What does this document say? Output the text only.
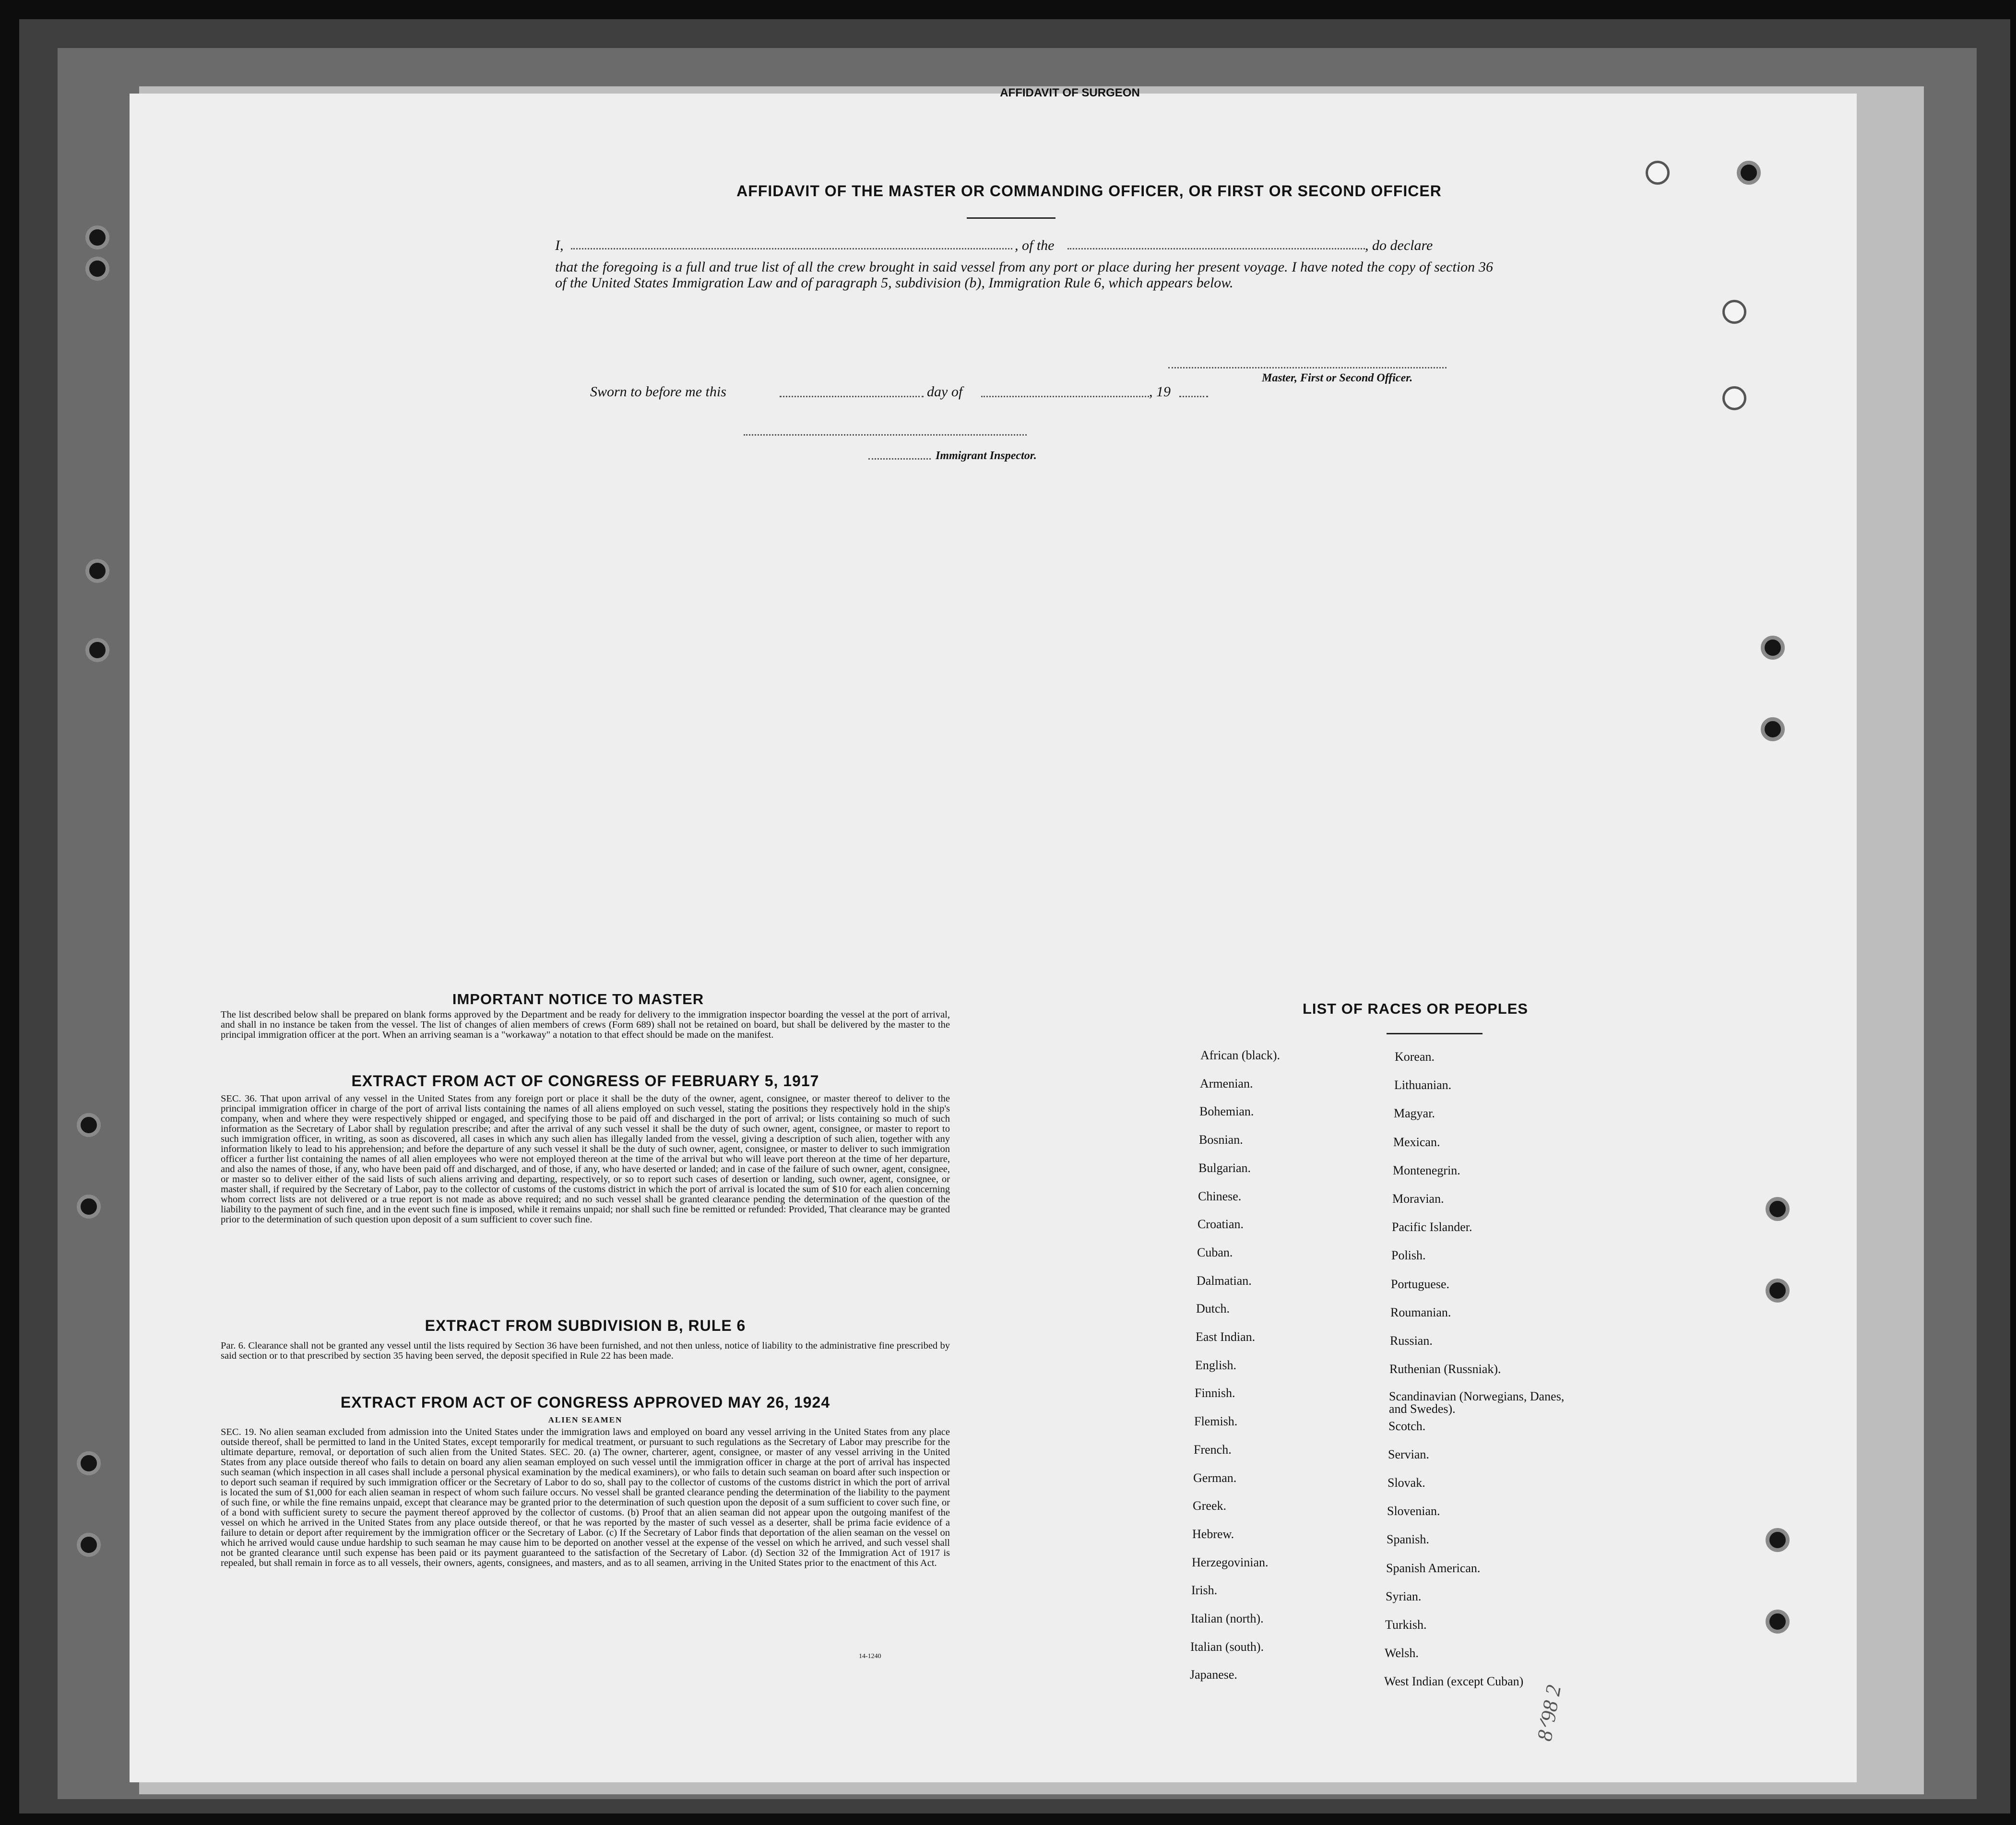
AFFIDAVIT OF SURGEON
AFFIDAVIT OF THE MASTER OR COMMANDING OFFICER, OR FIRST OR SECOND OFFICER
I,	, of the	, do declare
that the foregoing is a full and true list of all the crew brought in said vessel from any port or place during her present voyage. I have noted the copy of section 36 of the United States Immigration Law and of paragraph 5, subdivision (b), Immigration Rule 6, which appears below.
Master, First or Second Officer.
Sworn to before me this	day of	, 19
Immigrant Inspector.
IMPORTANT NOTICE TO MASTER
The list described below shall be prepared on blank forms approved by the Department and be ready for delivery to the immigration inspector boarding the vessel at the port of arrival, and shall in no instance be taken from the vessel. The list of changes of alien members of crews (Form 689) shall not be retained on board, but shall be delivered by the master to the principal immigration officer at the port. When an arriving seaman is a "workaway" a notation to that effect should be made on the manifest.
EXTRACT FROM ACT OF CONGRESS OF FEBRUARY 5, 1917
SEC. 36. That upon arrival of any vessel in the United States from any foreign port or place it shall be the duty of the owner, agent, consignee, or master thereof to deliver to the principal immigration officer in charge of the port of arrival lists containing the names of all aliens employed on such vessel, stating the positions they respectively hold in the ship's company, when and where they were respectively shipped or engaged, and specifying those to be paid off and discharged in the port of arrival; or lists containing so much of such information as the Secretary of Labor shall by regulation prescribe; and after the arrival of any such vessel it shall be the duty of such owner, agent, consignee, or master to report to such immigration officer, in writing, as soon as discovered, all cases in which any such alien has illegally landed from the vessel, giving a description of such alien, together with any information likely to lead to his apprehension; and before the departure of any such vessel it shall be the duty of such owner, agent, consignee, or master to deliver to such immigration officer a further list containing the names of all alien employees who were not employed thereon at the time of the arrival but who will leave port thereon at the time of her departure, and also the names of those, if any, who have been paid off and discharged, and of those, if any, who have deserted or landed; and in case of the failure of such owner, agent, consignee, or master so to deliver either of the said lists of such aliens arriving and departing, respectively, or so to report such cases of desertion or landing, such owner, agent, consignee, or master shall, if required by the Secretary of Labor, pay to the collector of customs of the customs district in which the port of arrival is located the sum of $10 for each alien concerning whom correct lists are not delivered or a true report is not made as above required; and no such vessel shall be granted clearance pending the determination of the question of the liability to the payment of such fine, and in the event such fine is imposed, while it remains unpaid; nor shall such fine be remitted or refunded: Provided, That clearance may be granted prior to the determination of such question upon deposit of a sum sufficient to cover such fine.
EXTRACT FROM SUBDIVISION B, RULE 6
Par. 6. Clearance shall not be granted any vessel until the lists required by Section 36 have been furnished, and not then unless, notice of liability to the administrative fine prescribed by said section or to that prescribed by section 35 having been served, the deposit specified in Rule 22 has been made.
EXTRACT FROM ACT OF CONGRESS APPROVED MAY 26, 1924
ALIEN SEAMEN
SEC. 19. No alien seaman excluded from admission into the United States under the immigration laws and employed on board any vessel arriving in the United States from any place outside thereof, shall be permitted to land in the United States, except temporarily for medical treatment, or pursuant to such regulations as the Secretary of Labor may prescribe for the ultimate departure, removal, or deportation of such alien from the United States. SEC. 20. (a) The owner, charterer, agent, consignee, or master of any vessel arriving in the United States from any place outside thereof who fails to detain on board any alien seaman employed on such vessel until the immigration officer in charge at the port of arrival has inspected such seaman (which inspection in all cases shall include a personal physical examination by the medical examiners), or who fails to detain such seaman on board after such inspection or to deport such seaman if required by such immigration officer or the Secretary of Labor to do so, shall pay to the collector of customs of the customs district in which the port of arrival is located the sum of $1,000 for each alien seaman in respect of whom such failure occurs. No vessel shall be granted clearance pending the determination of the liability to the payment of such fine, or while the fine remains unpaid, except that clearance may be granted prior to the determination of such question upon the deposit of a sum sufficient to cover such fine, or of a bond with sufficient surety to secure the payment thereof approved by the collector of customs. (b) Proof that an alien seaman did not appear upon the outgoing manifest of the vessel on which he arrived in the United States from any place outside thereof, or that he was reported by the master of such vessel as a deserter, shall be prima facie evidence of a failure to detain or deport after requirement by the immigration officer or the Secretary of Labor. (c) If the Secretary of Labor finds that deportation of the alien seaman on the vessel on which he arrived would cause undue hardship to such seaman he may cause him to be deported on another vessel at the expense of the vessel on which he arrived, and such vessel shall not be granted clearance until such expense has been paid or its payment guaranteed to the satisfaction of the Secretary of Labor. (d) Section 32 of the Immigration Act of 1917 is repealed, but shall remain in force as to all vessels, their owners, agents, consignees, and masters, and as to all seamen, arriving in the United States prior to the enactment of this Act.
14-1240
LIST OF RACES OR PEOPLES
8ᐟ98 2
African (black).
Armenian.
Bohemian.
Bosnian.
Bulgarian.
Chinese.
Croatian.
Cuban.
Dalmatian.
Dutch.
East Indian.
English.
Finnish.
Flemish.
French.
German.
Greek.
Hebrew.
Herzegovinian.
Irish.
Italian (north).
Italian (south).
Japanese.
Korean.
Lithuanian.
Magyar.
Mexican.
Montenegrin.
Moravian.
Pacific Islander.
Polish.
Portuguese.
Roumanian.
Russian.
Ruthenian (Russniak).
Scandinavian (Norwegians, Danes, and Swedes).
Scotch.
Servian.
Slovak.
Slovenian.
Spanish.
Spanish American.
Syrian.
Turkish.
Welsh.
West Indian (except Cuban)
